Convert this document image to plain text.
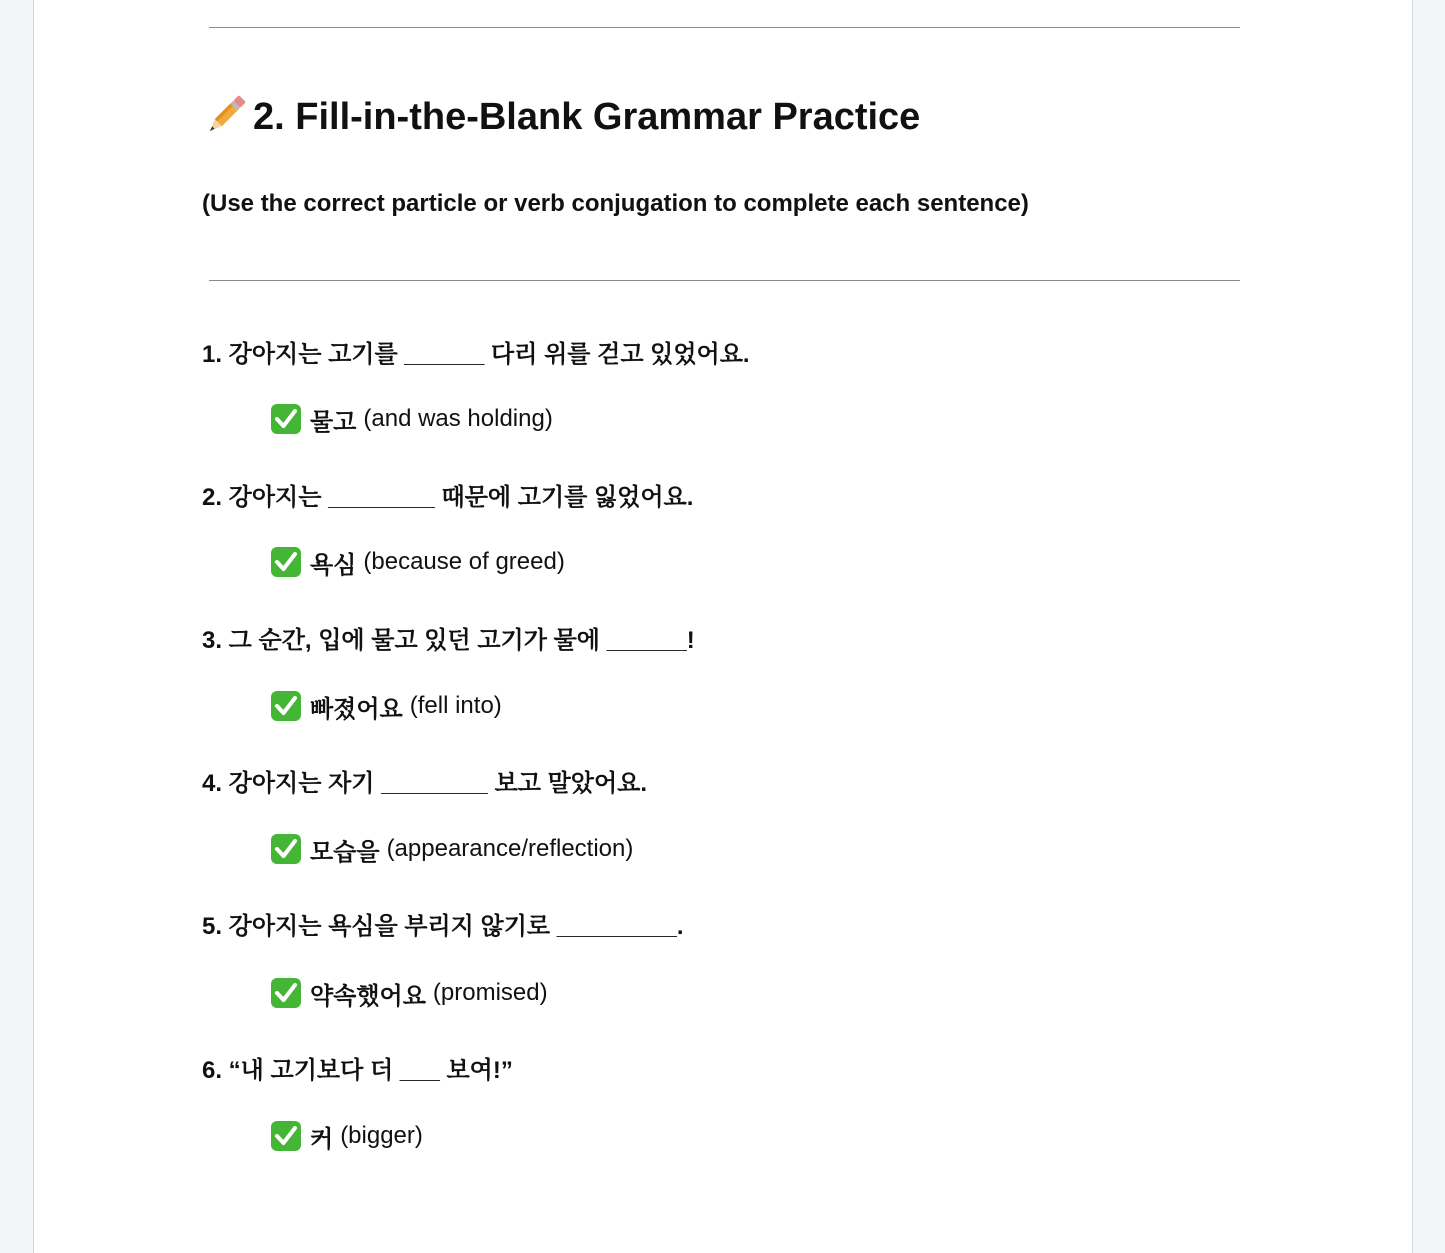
2. Fill-in-the-Blank Grammar Practice
(Use the correct particle or verb conjugation to complete each sentence)
1. 강아지는 고기를 ______ 다리 위를 걷고 있었어요.
물고 (and was holding)
2. 강아지는 ________ 때문에 고기를 잃었어요.
욕심 (because of greed)
3. 그 순간, 입에 물고 있던 고기가 물에 ______!
빠졌어요 (fell into)
4. 강아지는 자기 ________ 보고 말았어요.
모습을 (appearance/reflection)
5. 강아지는 욕심을 부리지 않기로 _________.
약속했어요 (promised)
6. “내 고기보다 더 ___ 보여!”
커 (bigger)
